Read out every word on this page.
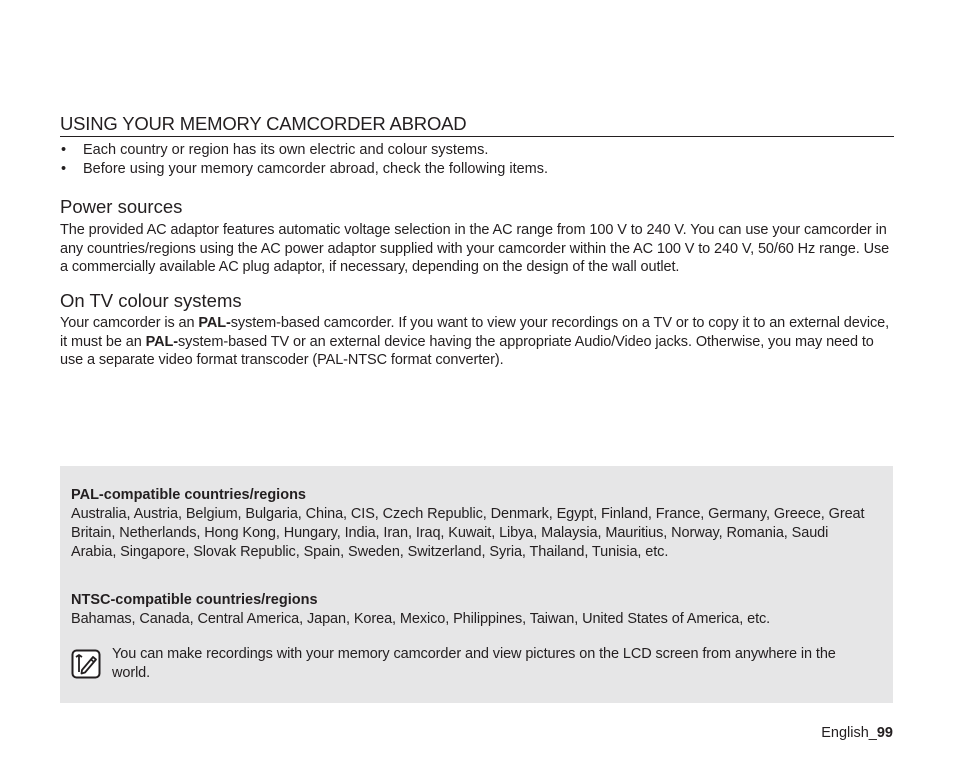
USING YOUR MEMORY CAMCORDER ABROAD
• Each country or region has its own electric and colour systems.
• Before using your memory camcorder abroad, check the following items.
Power sources

The provided AC adaptor features automatic voltage selection in the AC range from 100 V to 240 V. You can use your camcorder in any countries/regions using the AC power adaptor supplied with your camcorder within the AC 100 V to 240 V, 50/60 Hz range. Use a commercially available AC plug adaptor, if necessary, depending on the design of the wall outlet.

On TV colour systems

Your camcorder is an PAL-system-based camcorder. If you want to view your recordings on a TV or to copy it to an external device, it must be an PAL-system-based TV or an external device having the appropriate Audio/Video jacks. Otherwise, you may need to use a separate video format transcoder (PAL-NTSC format converter).

PAL-compatible countries/regions

Australia, Austria, Belgium, Bulgaria, China, CIS, Czech Republic, Denmark, Egypt, Finland, France, Germany, Greece, Great Britain, Netherlands, Hong Kong, Hungary, India, Iran, Iraq, Kuwait, Libya, Malaysia, Mauritius, Norway, Romania, Saudi Arabia, Singapore, Slovak Republic, Spain, Sweden, Switzerland, Syria, Thailand, Tunisia, etc.

NTSC-compatible countries/regions

Bahamas, Canada, Central America, Japan, Korea, Mexico, Philippines, Taiwan, United States of America, etc.

You can make recordings with your memory camcorder and view pictures on the LCD screen from anywhere in the world.

English_99
